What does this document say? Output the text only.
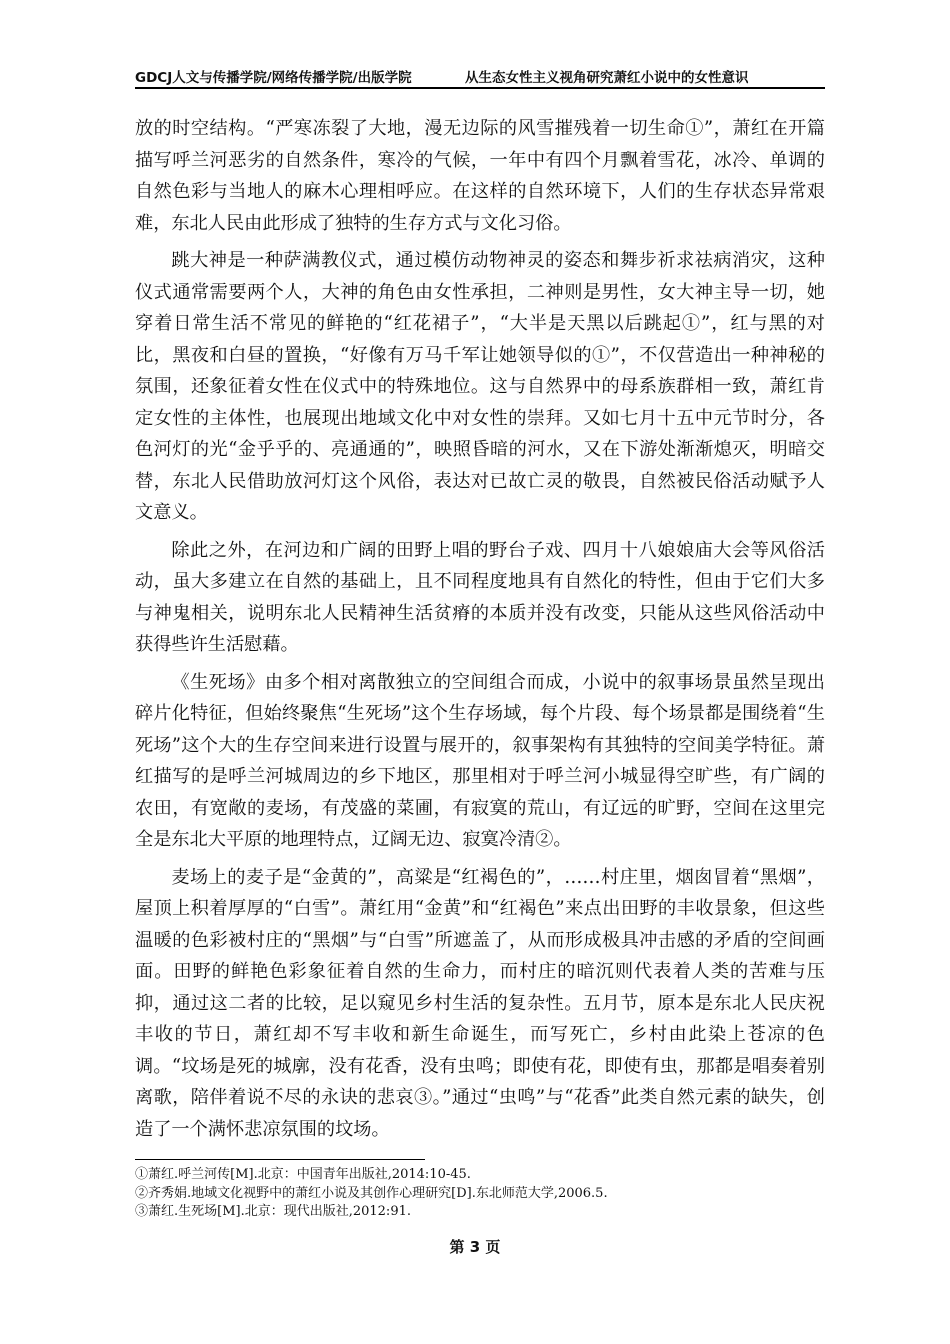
GDCJ人文与传播学院/网络传播学院/出版学院	从生态女性主义视角研究萧红小说中的女性意识

放的时空结构。“严寒冻裂了大地，漫无边际的风雪摧残着一切生命①”，萧红在开篇描写呼兰河恶劣的自然条件，寒冷的气候，一年中有四个月飘着雪花，冰冷、单调的自然色彩与当地人的麻木心理相呼应。在这样的自然环境下，人们的生存状态异常艰难，东北人民由此形成了独特的生存方式与文化习俗。

跳大神是一种萨满教仪式，通过模仿动物神灵的姿态和舞步祈求祛病消灾，这种仪式通常需要两个人，大神的角色由女性承担，二神则是男性，女大神主导一切，她穿着日常生活不常见的鲜艳的“红花裙子”，“大半是天黑以后跳起①”，红与黑的对比，黑夜和白昼的置换，“好像有万马千军让她领导似的①”，不仅营造出一种神秘的氛围，还象征着女性在仪式中的特殊地位。这与自然界中的母系族群相一致，萧红肯定女性的主体性，也展现出地域文化中对女性的崇拜。又如七月十五中元节时分，各色河灯的光“金乎乎的、亮通通的”，映照昏暗的河水，又在下游处渐渐熄灭，明暗交替，东北人民借助放河灯这个风俗，表达对已故亡灵的敬畏，自然被民俗活动赋予人文意义。

除此之外，在河边和广阔的田野上唱的野台子戏、四月十八娘娘庙大会等风俗活动，虽大多建立在自然的基础上，且不同程度地具有自然化的特性，但由于它们大多与神鬼相关，说明东北人民精神生活贫瘠的本质并没有改变，只能从这些风俗活动中获得些许生活慰藉。

《生死场》由多个相对离散独立的空间组合而成，小说中的叙事场景虽然呈现出碎片化特征，但始终聚焦“生死场”这个生存场域，每个片段、每个场景都是围绕着“生死场”这个大的生存空间来进行设置与展开的，叙事架构有其独特的空间美学特征。萧红描写的是呼兰河城周边的乡下地区，那里相对于呼兰河小城显得空旷些，有广阔的农田，有宽敞的麦场，有茂盛的菜圃，有寂寞的荒山，有辽远的旷野，空间在这里完全是东北大平原的地理特点，辽阔无边、寂寞冷清②。

麦场上的麦子是“金黄的”，高粱是“红褐色的”，……村庄里，烟囱冒着“黑烟”，屋顶上积着厚厚的“白雪”。萧红用“金黄”和“红褐色”来点出田野的丰收景象，但这些温暖的色彩被村庄的“黑烟”与“白雪”所遮盖了，从而形成极具冲击感的矛盾的空间画面。田野的鲜艳色彩象征着自然的生命力，而村庄的暗沉则代表着人类的苦难与压抑，通过这二者的比较，足以窥见乡村生活的复杂性。五月节，原本是东北人民庆祝丰收的节日，萧红却不写丰收和新生命诞生，而写死亡，乡村由此染上苍凉的色调。“坟场是死的城廓，没有花香，没有虫鸣；即使有花，即使有虫，那都是唱奏着别离歌，陪伴着说不尽的永诀的悲哀③。”通过“虫鸣”与“花香”此类自然元素的缺失，创造了一个满怀悲凉氛围的坟场。

①萧红.呼兰河传[M].北京：中国青年出版社,2014:10-45.

②齐秀娟.地域文化视野中的萧红小说及其创作心理研究[D].东北师范大学,2006.5.

③萧红.生死场[M].北京：现代出版社,2012:91.

第 3 页
